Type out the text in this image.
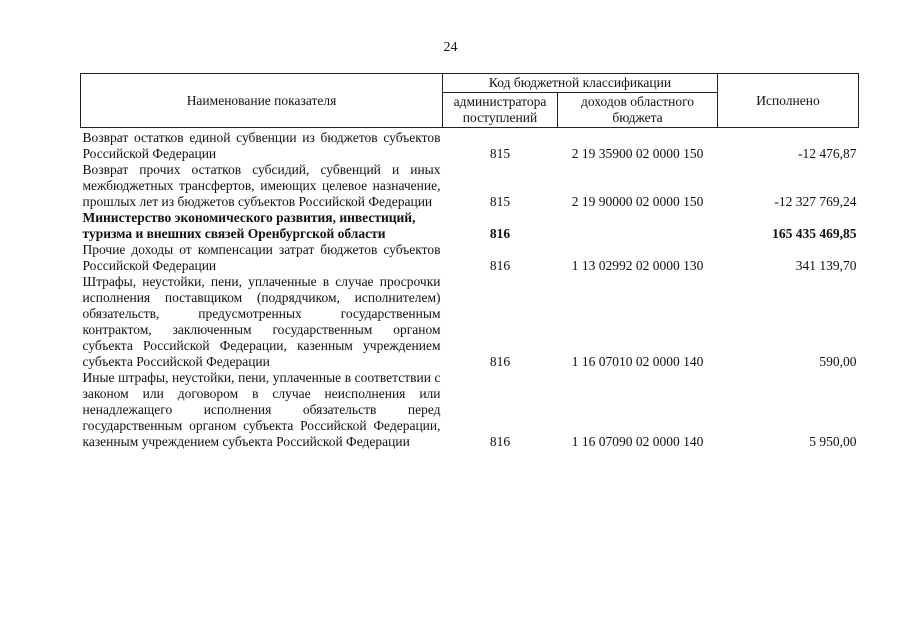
24
Наименование показателя	Код бюджетной классификации		Исполнено
	администратора поступлений	доходов областного бюджета	
Возврат остатков единой субвенции из бюджетов субъектов Российской Федерации	815	2 19 35900 02 0000 150	-12 476,87
Возврат прочих остатков субсидий, субвенций и иных межбюджетных трансфертов, имеющих целевое назначение, прошлых лет из бюджетов субъектов Российской Федерации	815	2 19 90000 02 0000 150	-12 327 769,24
Министерство экономического развития, инвестиций, туризма и внешних связей Оренбургской области	816		165 435 469,85
Прочие доходы от компенсации затрат бюджетов субъектов Российской Федерации	816	1 13 02992 02 0000 130	341 139,70
Штрафы, неустойки, пени, уплаченные в случае просрочки исполнения поставщиком (подрядчиком, исполнителем) обязательств, предусмотренных государственным контрактом, заключенным государственным органом субъекта Российской Федерации, казенным учреждением субъекта Российской Федерации	816	1 16 07010 02 0000 140	590,00
Иные штрафы, неустойки, пени, уплаченные в соответствии с законом или договором в случае неисполнения или ненадлежащего исполнения обязательств перед государственным органом субъекта Российской Федерации, казенным учреждением субъекта Российской Федерации	816	1 16 07090 02 0000 140	5 950,00
